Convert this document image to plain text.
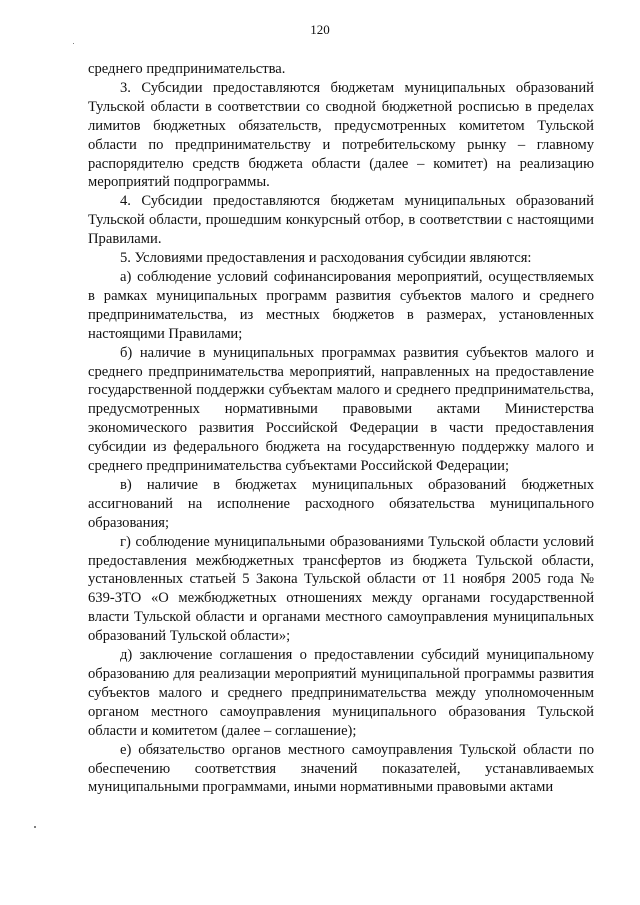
120

среднего предпринимательства.

3. Субсидии предоставляются бюджетам муниципальных образований Тульской области в соответствии со сводной бюджетной росписью в пределах лимитов бюджетных обязательств, предусмотренных комитетом Тульской области по предпринимательству и потребительскому рынку – главному распорядителю средств бюджета области (далее – комитет) на реализацию мероприятий подпрограммы.

4. Субсидии предоставляются бюджетам муниципальных образований Тульской области, прошедшим конкурсный отбор, в соответствии с настоящими Правилами.

5. Условиями предоставления и расходования субсидии являются:

а) соблюдение условий софинансирования мероприятий, осуществляемых в рамках муниципальных программ развития субъектов малого и среднего предпринимательства, из местных бюджетов в размерах, установленных настоящими Правилами;

б) наличие в муниципальных программах развития субъектов малого и среднего предпринимательства мероприятий, направленных на предоставление государственной поддержки субъектам малого и среднего предпринимательства, предусмотренных нормативными правовыми актами Министерства экономического развития Российской Федерации в части предоставления субсидии из федерального бюджета на государственную поддержку малого и среднего предпринимательства субъектами Российской Федерации;

в) наличие в бюджетах муниципальных образований бюджетных ассигнований на исполнение расходного обязательства муниципального образования;

г) соблюдение муниципальными образованиями Тульской области условий предоставления межбюджетных трансфертов из бюджета Тульской области, установленных статьей 5 Закона Тульской области от 11 ноября 2005 года № 639-ЗТО «О межбюджетных отношениях между органами государственной власти Тульской области и органами местного самоуправления муниципальных образований Тульской области»;

д) заключение соглашения о предоставлении субсидий муниципальному образованию для реализации мероприятий муниципальной программы развития субъектов малого и среднего предпринимательства между уполномоченным органом местного самоуправления муниципального образования Тульской области и комитетом (далее – соглашение);

е) обязательство органов местного самоуправления Тульской области по обеспечению соответствия значений показателей, устанавливаемых муниципальными программами, иными нормативными правовыми актами
